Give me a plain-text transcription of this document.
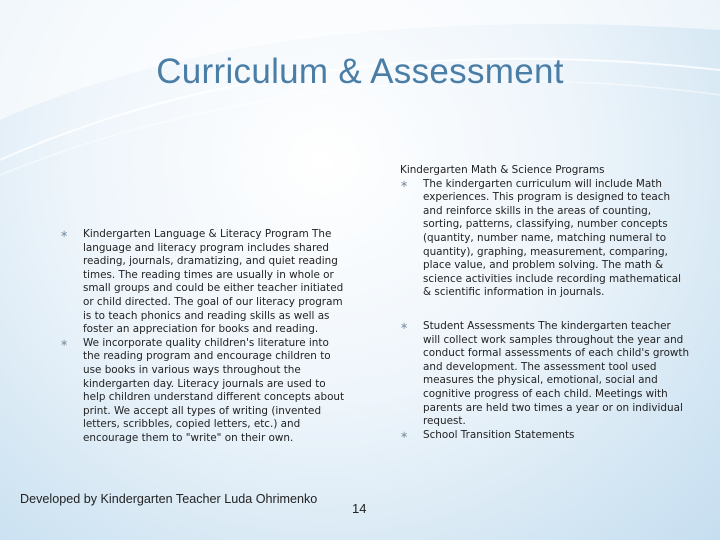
Curriculum & Assessment
∗ Kindergarten Language & Literacy Program The language and literacy program includes shared reading, journals, dramatizing, and quiet reading times. The reading times are usually in whole or small groups and could be either teacher initiated or child directed. The goal of our literacy program is to teach phonics and reading skills as well as foster an appreciation for books and reading.

∗ We incorporate quality children's literature into the reading program and encourage children to use books in various ways throughout the kindergarten day. Literacy journals are used to help children understand different concepts about print. We accept all types of writing (invented letters, scribbles, copied letters, etc.) and encourage them to "write" on their own.

Kindergarten Math & Science Programs

∗ The kindergarten curriculum will include Math experiences. This program is designed to teach and reinforce skills in the areas of counting, sorting, patterns, classifying, number concepts (quantity, number name, matching numeral to quantity), graphing, measurement, comparing, place value, and problem solving. The math & science activities include recording mathematical & scientific information in journals.

∗ Student Assessments The kindergarten teacher will collect work samples throughout the year and conduct formal assessments of each child's growth and development. The assessment tool used measures the physical, emotional, social and cognitive progress of each child. Meetings with parents are held two times a year or on individual request.

∗ School Transition Statements

Developed by Kindergarten Teacher Luda Ohrimenko
14
